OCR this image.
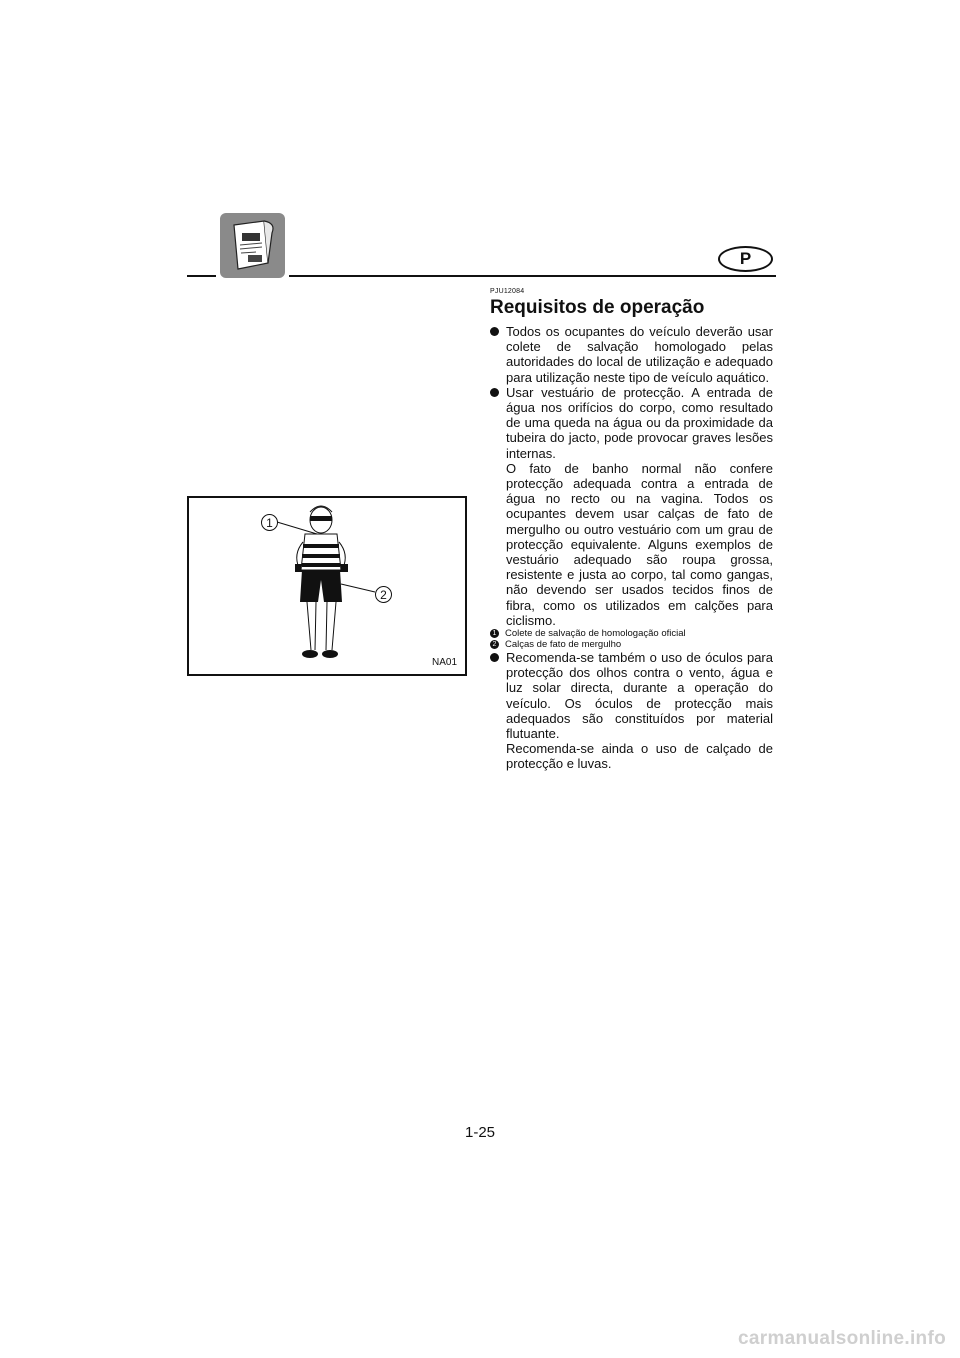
P
1
2
NA01

PJU12084

Requisitos de operação
Todos os ocupantes do veículo deverão usar colete de salvação homologado pelas autoridades do local de utilização e adequado para utilização neste tipo de veículo aquático.
Usar vestuário de protecção. A entrada de água nos orifícios do corpo, como resultado de uma queda na água ou da proximidade da tubeira do jacto, pode provocar graves lesões internas.

O fato de banho normal não confere protecção adequada contra a entrada de água no recto ou na vagina. Todos os ocupantes devem usar calças de fato de mergulho ou outro vestuário com um grau de protecção equivalente. Alguns exemplos de vestuário adequado são roupa grossa, resistente e justa ao corpo, tal como gangas, não devendo ser usados tecidos finos de fibra, como os utilizados em calções para ciclismo.

1 Colete de salvação de homologação oficial
2 Calças de fato de mergulho
Recomenda-se também o uso de óculos para protecção dos olhos contra o vento, água e luz solar directa, durante a operação do veículo. Os óculos de protecção mais adequados são constituídos por material flutuante.

Recomenda-se ainda o uso de calçado de protecção e luvas.

1-25
carmanualsonline.info
